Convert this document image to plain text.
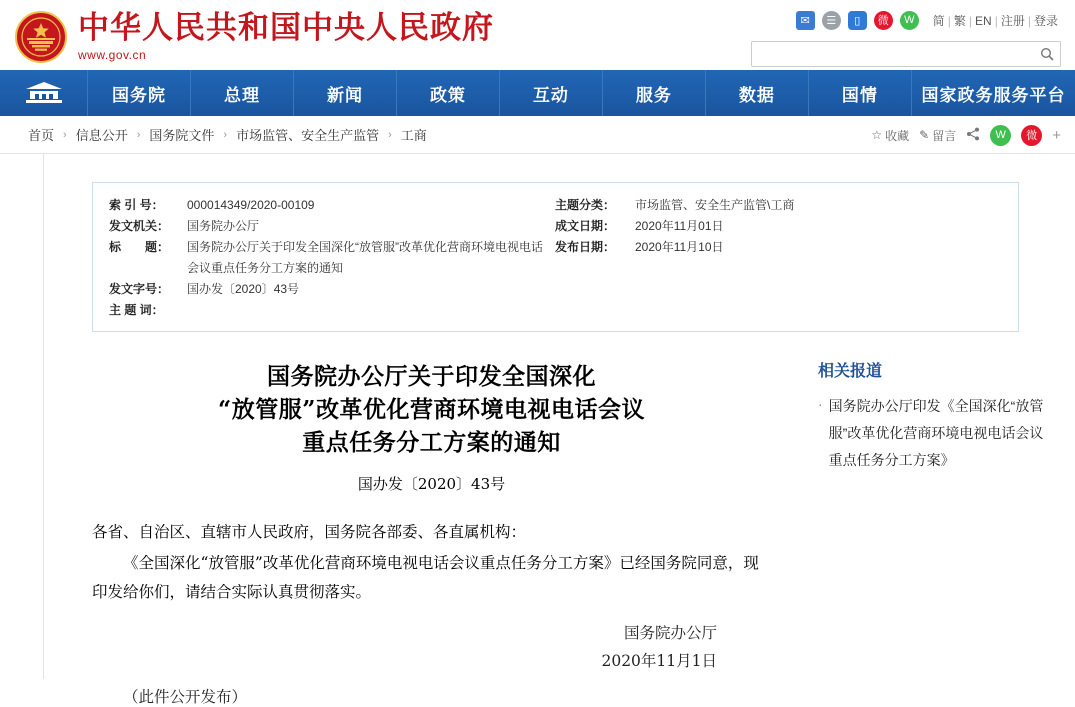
中华人民共和国中央人民政府
www.gov.cn
✉	☰	▯	微	W	简 | 繁 | EN | 注册 | 登录
国务院	总理	新闻	政策	互动	服务	数据	国情	国家政务服务平台
首页 › 信息公开 › 国务院文件 › 市场监管、安全生产监管 › 工商	☆ 收藏 ✎ 留言	W	微	+
索 引 号：	000014349/2020-00109
发文机关：	国务院办公厅
标　　题：	国务院办公厅关于印发全国深化“放管服”改革优化营商环境电视电话会议重点任务分工方案的通知
发文字号：	国办发〔2020〕43号
主 题 词：
主题分类：	市场监管、安全生产监管\工商
成文日期：	2020年11月01日
发布日期：	2020年11月10日
国务院办公厅关于印发全国深化
“放管服”改革优化营商环境电视电话会议
重点任务分工方案的通知
国办发〔2020〕43号

各省、自治区、直辖市人民政府，国务院各部委、各直属机构：

《全国深化“放管服”改革优化营商环境电视电话会议重点任务分工方案》已经国务院同意，现印发给你们，请结合实际认真贯彻落实。

国务院办公厅
2020年11月1日
（此件公开发布）
相关报道
· 国务院办公厅印发《全国深化“放管服”改革优化营商环境电视电话会议重点任务分工方案》
